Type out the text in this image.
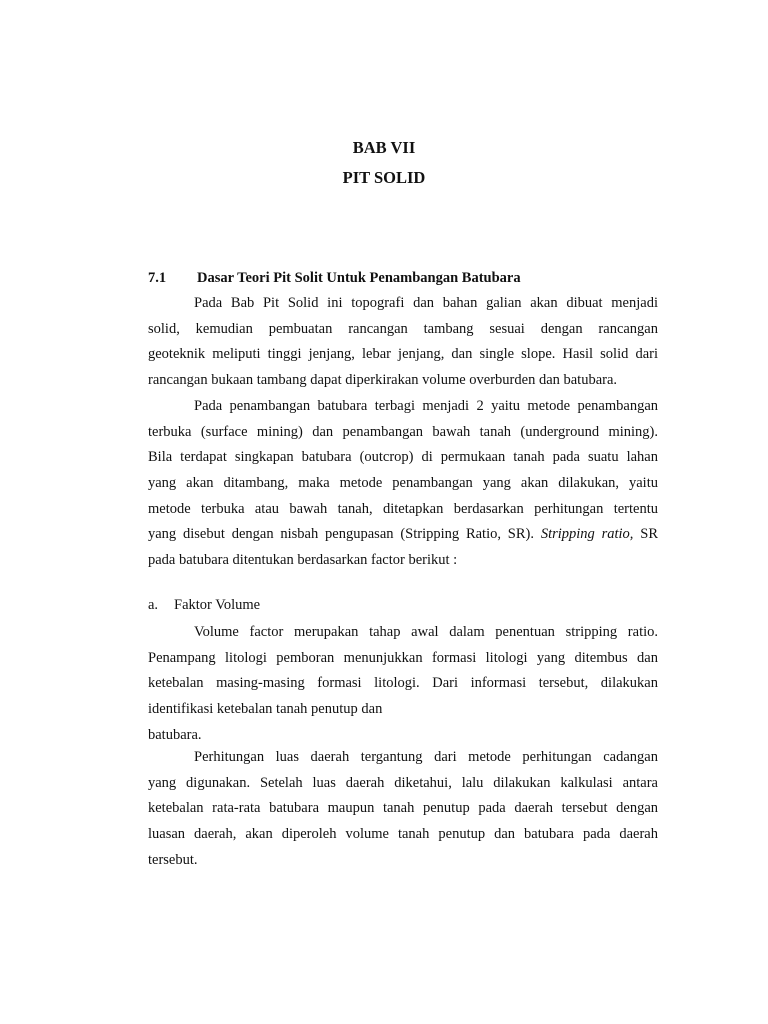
BAB VII
PIT SOLID
7.1 Dasar Teori Pit Solit Untuk Penambangan Batubara
Pada Bab Pit Solid ini topografi dan bahan galian akan dibuat menjadi
solid, kemudian pembuatan rancangan tambang sesuai dengan rancangan
geoteknik meliputi tinggi jenjang, lebar jenjang, dan single slope. Hasil solid dari
rancangan bukaan tambang dapat diperkirakan volume overburden dan batubara.
Pada penambangan batubara terbagi menjadi 2 yaitu metode penambangan
terbuka (surface mining) dan penambangan bawah tanah (underground mining).
Bila terdapat singkapan batubara (outcrop) di permukaan tanah pada suatu lahan
yang akan ditambang, maka metode penambangan yang akan dilakukan, yaitu
metode terbuka atau bawah tanah, ditetapkan berdasarkan perhitungan tertentu
yang disebut dengan nisbah pengupasan (Stripping Ratio, SR). Stripping ratio, SR
pada batubara ditentukan berdasarkan factor berikut :
a. Faktor Volume
Volume factor merupakan tahap awal dalam penentuan stripping ratio.
Penampang litologi pemboran menunjukkan formasi litologi yang ditembus dan
ketebalan masing-masing formasi litologi. Dari informasi tersebut, dilakukan
identifikasi ketebalan tanah penutup dan
batubara.
Perhitungan luas daerah tergantung dari metode perhitungan cadangan
yang digunakan. Setelah luas daerah diketahui, lalu dilakukan kalkulasi antara
ketebalan rata-rata batubara maupun tanah penutup pada daerah tersebut dengan
luasan daerah, akan diperoleh volume tanah penutup dan batubara pada daerah
tersebut.
